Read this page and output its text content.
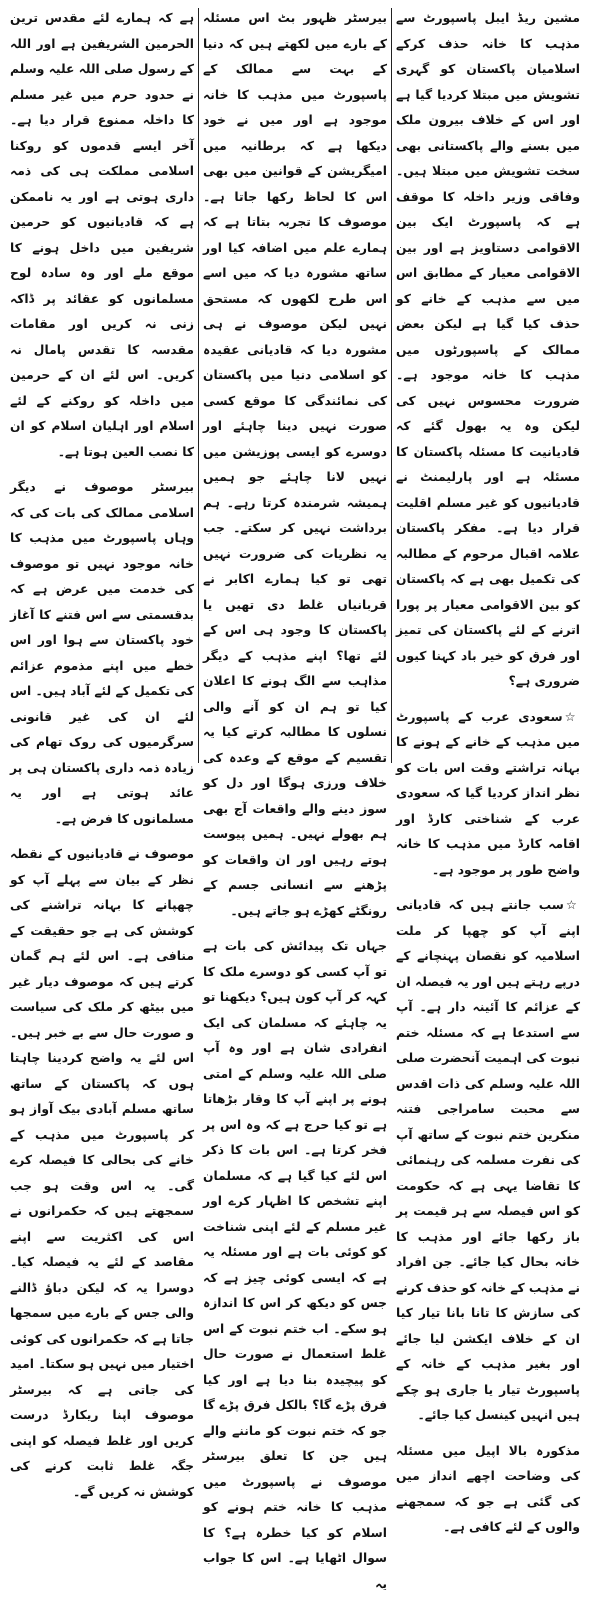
مشین ریڈ ایبل پاسپورٹ سے مذہب کا خانہ حذف کرکے اسلامیان پاکستان کو گہری تشویش میں مبتلا کردیا گیا ہے اور اس کے خلاف بیرون ملک میں بسنے والے پاکستانی بھی سخت تشویش میں مبتلا ہیں۔ وفاقی وزیر داخلہ کا موقف ہے کہ پاسپورٹ ایک بین الاقوامی دستاویز ہے اور بین الاقوامی معیار کے مطابق اس میں سے مذہب کے خانے کو حذف کیا گیا ہے لیکن بعض ممالک کے پاسپورٹوں میں مذہب کا خانہ موجود ہے۔ ضرورت محسوس نہیں کی لیکن وہ یہ بھول گئے کہ قادیانیت کا مسئلہ پاکستان کا مسئلہ ہے اور پارلیمنٹ نے قادیانیوں کو غیر مسلم اقلیت قرار دیا ہے۔ مفکر پاکستان علامہ اقبال مرحوم کے مطالبہ کی تکمیل بھی ہے کہ پاکستان کو بین الاقوامی معیار پر پورا اترنے کے لئے پاکستان کی تمیز اور فرق کو خیر باد کہنا کیوں ضروری ہے؟

☆سعودی عرب کے پاسپورٹ میں مذہب کے خانے کے ہونے کا بہانہ تراشتے وقت اس بات کو نظر انداز کردیا گیا کہ سعودی عرب کے شناختی کارڈ اور اقامہ کارڈ میں مذہب کا خانہ واضح طور پر موجود ہے۔

☆سب جانتے ہیں کہ قادیانی اپنے آپ کو چھپا کر ملت اسلامیہ کو نقصان پہنچانے کے درپے رہتے ہیں اور یہ فیصلہ ان کے عزائم کا آئینہ دار ہے۔ آپ سے استدعا ہے کہ مسئلہ ختم نبوت کی اہمیت آنحضرت صلی اللہ علیہ وسلم کی ذات اقدس سے محبت سامراجی فتنہ منکرین ختم نبوت کے ساتھ آپ کی نفرت مسلمہ کی رہنمائی کا تقاضا یہی ہے کہ حکومت کو اس فیصلہ سے ہر قیمت پر باز رکھا جائے اور مذہب کا خانہ بحال کیا جائے۔ جن افراد نے مذہب کے خانہ کو حذف کرنے کی سازش کا تانا بانا تیار کیا ان کے خلاف ایکشن لیا جائے اور بغیر مذہب کے خانہ کے پاسپورٹ تیار یا جاری ہو چکے ہیں انہیں کینسل کیا جائے۔

مذکورہ بالا اپیل میں مسئلہ کی وضاحت اچھے انداز میں کی گئی ہے جو کہ سمجھنے والوں کے لئے کافی ہے۔

بیرسٹر ظہور بٹ اس مسئلہ کے بارے میں لکھتے ہیں کہ دنیا کے بہت سے ممالک کے پاسپورٹ میں مذہب کا خانہ موجود ہے اور میں نے خود دیکھا ہے کہ برطانیہ میں امیگریشن کے قوانین میں بھی اس کا لحاظ رکھا جاتا ہے۔ موصوف کا تجربہ بتاتا ہے کہ ہمارے علم میں اضافہ کیا اور ساتھ مشورہ دیا کہ میں اسے اس طرح لکھوں کہ مستحق نہیں لیکن موصوف نے ہی مشورہ دیا کہ قادیانی عقیدہ کو اسلامی دنیا میں پاکستان کی نمائندگی کا موقع کسی صورت نہیں دینا چاہئے اور دوسرے کو ایسی پوزیشن میں نہیں لانا چاہئے جو ہمیں ہمیشہ شرمندہ کرتا رہے۔ ہم برداشت نہیں کر سکتے۔ جب یہ نظریات کی ضرورت نہیں تھی تو کیا ہمارے اکابر نے قربانیاں غلط دی تھیں یا پاکستان کا وجود ہی اس کے لئے تھا؟ اپنے مذہب کے دیگر مذاہب سے الگ ہونے کا اعلان کیا تو ہم ان کو آنے والی نسلوں کا مطالبہ کرتے کیا یہ تقسیم کے موقع کے وعدہ کی خلاف ورزی ہوگا اور دل کو سوز دینے والے واقعات آج بھی ہم بھولے نہیں۔ ہمیں پیوست ہوتے رہیں اور ان واقعات کو پڑھنے سے انسانی جسم کے رونگٹے کھڑے ہو جاتے ہیں۔

جہاں تک پیدائش کی بات ہے تو آپ کسی کو دوسرے ملک کا کہہ کر آپ کون ہیں؟ دیکھنا تو یہ چاہئے کہ مسلمان کی ایک انفرادی شان ہے اور وہ آپ صلی اللہ علیہ وسلم کے امتی ہونے پر اپنے آپ کا وقار بڑھاتا ہے تو کیا حرج ہے کہ وہ اس پر فخر کرتا ہے۔ اس بات کا ذکر اس لئے کیا گیا ہے کہ مسلمان اپنے تشخص کا اظہار کرے اور غیر مسلم کے لئے اپنی شناخت کو کوئی بات ہے اور مسئلہ یہ ہے کہ ایسی کوئی چیز ہے کہ جس کو دیکھ کر اس کا اندازہ ہو سکے۔ اب ختم نبوت کے اس غلط استعمال نے صورت حال کو پیچیدہ بنا دیا ہے اور کیا فرق پڑے گا؟ بالکل فرق پڑے گا جو کہ ختم نبوت کو ماننے والے ہیں جن کا تعلق بیرسٹر موصوف نے پاسپورٹ میں مذہب کا خانہ ختم ہونے کو اسلام کو کیا خطرہ ہے؟ کا سوال اٹھایا ہے۔ اس کا جواب یہ

ہے کہ ہمارے لئے مقدس ترین الحرمین الشریفین ہے اور اللہ کے رسول صلی اللہ علیہ وسلم نے حدود حرم میں غیر مسلم کا داخلہ ممنوع قرار دیا ہے۔ آخر ایسے قدموں کو روکنا اسلامی مملکت ہی کی ذمہ داری ہوتی ہے اور یہ ناممکن ہے کہ قادیانیوں کو حرمین شریفین میں داخل ہونے کا موقع ملے اور وہ سادہ لوح مسلمانوں کو عقائد پر ڈاکہ زنی نہ کریں اور مقامات مقدسہ کا تقدس پامال نہ کریں۔ اس لئے ان کے حرمین میں داخلہ کو روکنے کے لئے اسلام اور اہلیان اسلام کو ان کا نصب العین ہوتا ہے۔

بیرسٹر موصوف نے دیگر اسلامی ممالک کی بات کی کہ وہاں پاسپورٹ میں مذہب کا خانہ موجود نہیں تو موصوف کی خدمت میں عرض ہے کہ بدقسمتی سے اس فتنے کا آغاز خود پاکستان سے ہوا اور اس خطے میں اپنے مذموم عزائم کی تکمیل کے لئے آباد ہیں۔ اس لئے ان کی غیر قانونی سرگرمیوں کی روک تھام کی زیادہ ذمہ داری پاکستان ہی پر عائد ہوتی ہے اور یہ مسلمانوں کا فرض ہے۔

موصوف نے قادیانیوں کے نقطہ نظر کے بیان سے پہلے آپ کو چھپانے کا بہانہ تراشنے کی کوشش کی ہے جو حقیقت کے منافی ہے۔ اس لئے ہم گمان کرتے ہیں کہ موصوف دیار غیر میں بیٹھ کر ملک کی سیاست و صورت حال سے بے خبر ہیں۔ اس لئے یہ واضح کردینا چاہتا ہوں کہ پاکستان کے ساتھ ساتھ مسلم آبادی بیک آواز ہو کر پاسپورٹ میں مذہب کے خانے کی بحالی کا فیصلہ کرے گی۔ یہ اس وقت ہو جب سمجھتے ہیں کہ حکمرانوں نے اس کی اکثریت سے اپنے مقاصد کے لئے یہ فیصلہ کیا۔ دوسرا یہ کہ لیکن دباؤ ڈالنے والی جس کے بارے میں سمجھا جاتا ہے کہ حکمرانوں کی کوئی اختیار میں نہیں ہو سکتا۔ امید کی جاتی ہے کہ بیرسٹر موصوف اپنا ریکارڈ درست کریں اور غلط فیصلہ کو اپنی جگہ غلط ثابت کرنے کی کوشش نہ کریں گے۔
